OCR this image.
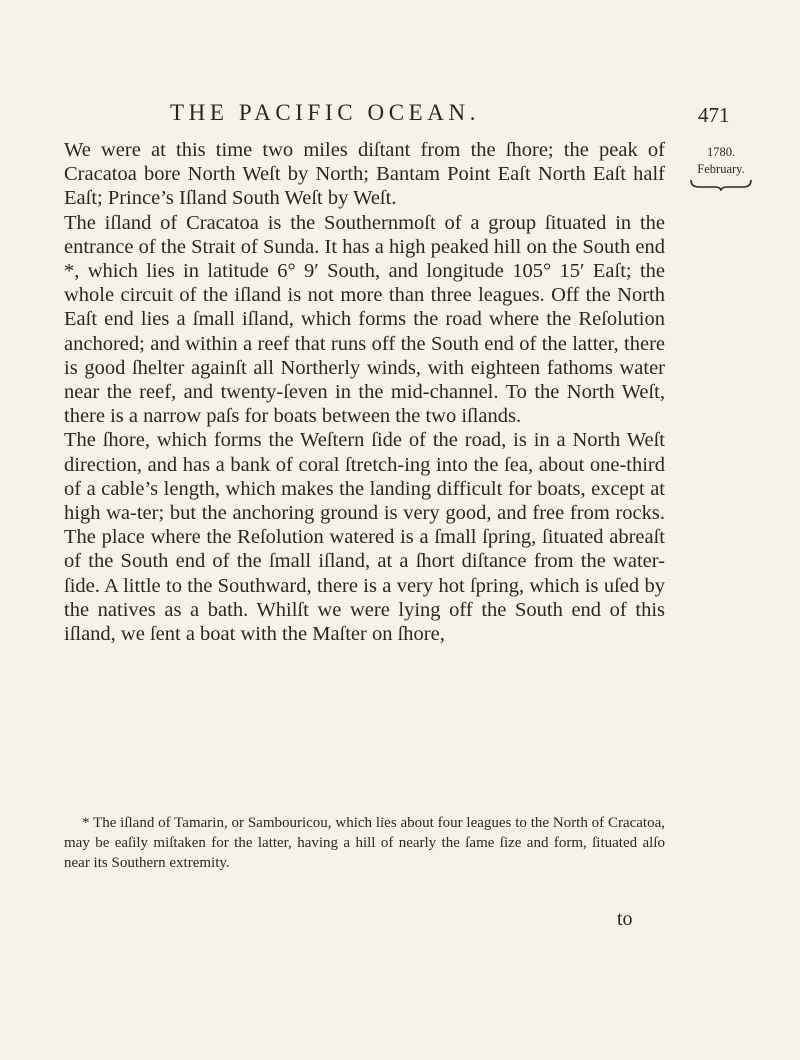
THE PACIFIC OCEAN.	471
1780.
February.

We were at this time two miles diſtant from the ſhore; the peak of Cracatoa bore North Weſt by North; Bantam Point Eaſt North Eaſt half Eaſt; Prince’s Iſland South Weſt by Weſt.

The iſland of Cracatoa is the Southernmoſt of a group ſituated in the entrance of the Strait of Sunda. It has a high peaked hill on the South end *, which lies in latitude 6° 9′ South, and longitude 105° 15′ Eaſt; the whole circuit of the iſland is not more than three leagues. Off the North Eaſt end lies a ſmall iſland, which forms the road where the Reſolution anchored; and within a reef that runs off the South end of the latter, there is good ſhelter againſt all Northerly winds, with eighteen fathoms water near the reef, and twenty-ſeven in the mid-channel. To the North Weſt, there is a narrow paſs for boats between the two iſlands.

The ſhore, which forms the Weſtern ſide of the road, is in a North Weſt direction, and has a bank of coral ſtretch-ing into the ſea, about one-third of a cable’s length, which makes the landing difficult for boats, except at high wa-ter; but the anchoring ground is very good, and free from rocks. The place where the Reſolution watered is a ſmall ſpring, ſituated abreaſt of the South end of the ſmall iſland, at a ſhort diſtance from the water-ſide. A little to the Southward, there is a very hot ſpring, which is uſed by the natives as a bath. Whilſt we were lying off the South end of this iſland, we ſent a boat with the Maſter on ſhore,

* The iſland of Tamarin, or Sambouricou, which lies about four leagues to the North of Cracatoa, may be eaſily miſtaken for the latter, having a hill of nearly the ſame ſize and form, ſituated alſo near its Southern extremity.
to
